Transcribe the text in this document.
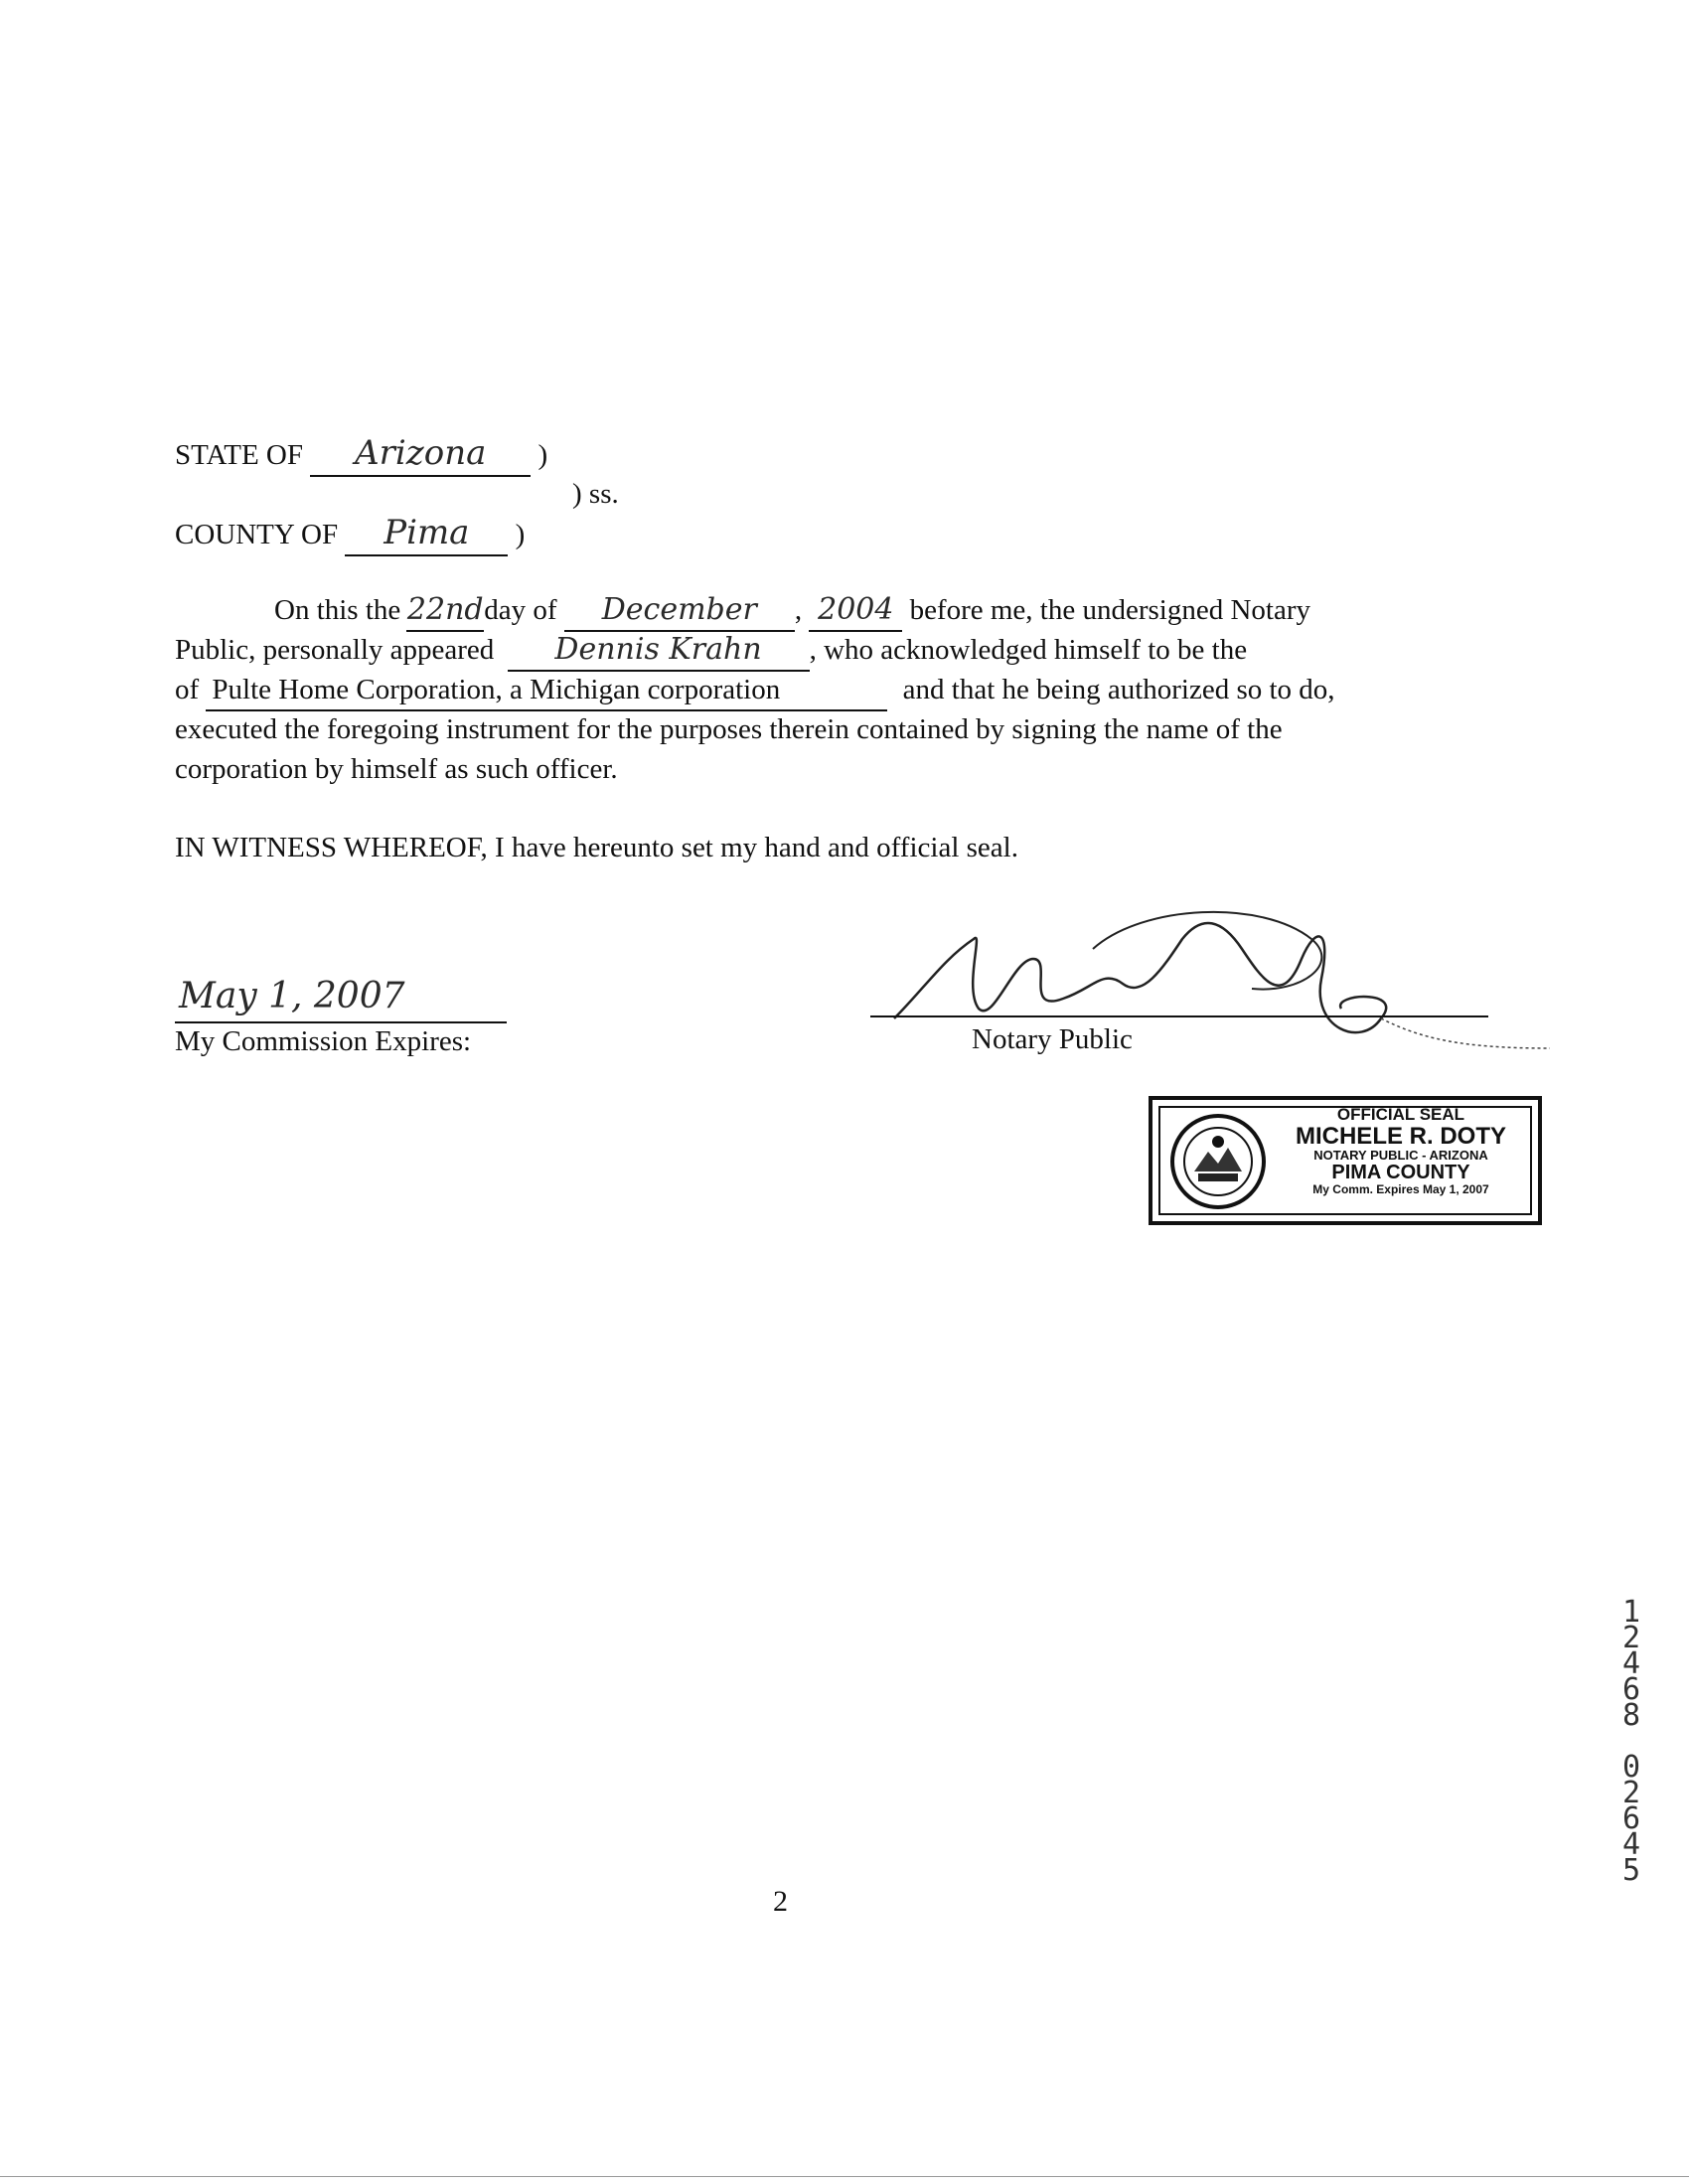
STATE OF Arizona )
) ss.
COUNTY OF Pima )
On this the 22ndday of December , 2004 before me, the undersigned Notary
Public, personally appeared Dennis Krahn , who acknowledged himself to be the
of Pulte Home Corporation, a Michigan corporation	and that he being authorized so to do,
executed the foregoing instrument for the purposes therein contained by signing the name of the
corporation by himself as such officer.
IN WITNESS WHEREOF, I have hereunto set my hand and official seal.
May 1, 2007
My Commission Expires:	Notary Public
OFFICIAL SEAL
MICHELE R. DOTY
NOTARY PUBLIC - ARIZONA
PIMA COUNTY
My Comm. Expires May 1, 2007
2
1
2
4
6
8

0
2
6
4
5
